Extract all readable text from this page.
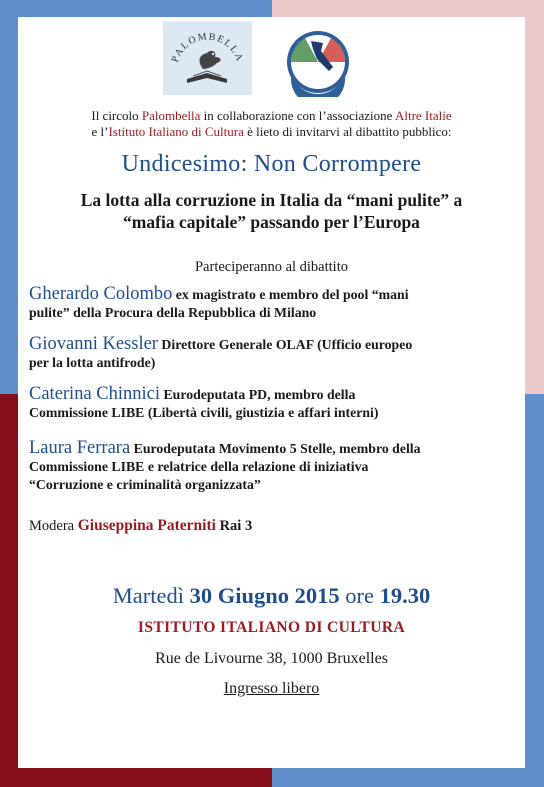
PALOMBELLA
ALTRE ITALIE
Il circolo Palombella in collaborazione con l’associazione Altre Italie
e l’Istituto Italiano di Cultura è lieto di invitarvi al dibattito pubblico:
Undicesimo: Non Corrompere
La lotta alla corruzione in Italia da “mani pulite” a
“mafia capitale” passando per l’Europa
Parteciperanno al dibattito
Gherardo Colombo ex magistrato e membro del pool “mani
pulite” della Procura della Repubblica di Milano
Giovanni Kessler Direttore Generale OLAF (Ufficio europeo
per la lotta antifrode)
Caterina Chinnici Eurodeputata PD, membro della
Commissione LIBE (Libertà civili, giustizia e affari interni)
Laura Ferrara Eurodeputata Movimento 5 Stelle, membro della
Commissione LIBE e relatrice della relazione di iniziativa
“Corruzione e criminalità organizzata”
Modera Giuseppina Paterniti Rai 3
Martedì 30 Giugno 2015 ore 19.30
ISTITUTO ITALIANO DI CULTURA
Rue de Livourne 38, 1000 Bruxelles
Ingresso libero
